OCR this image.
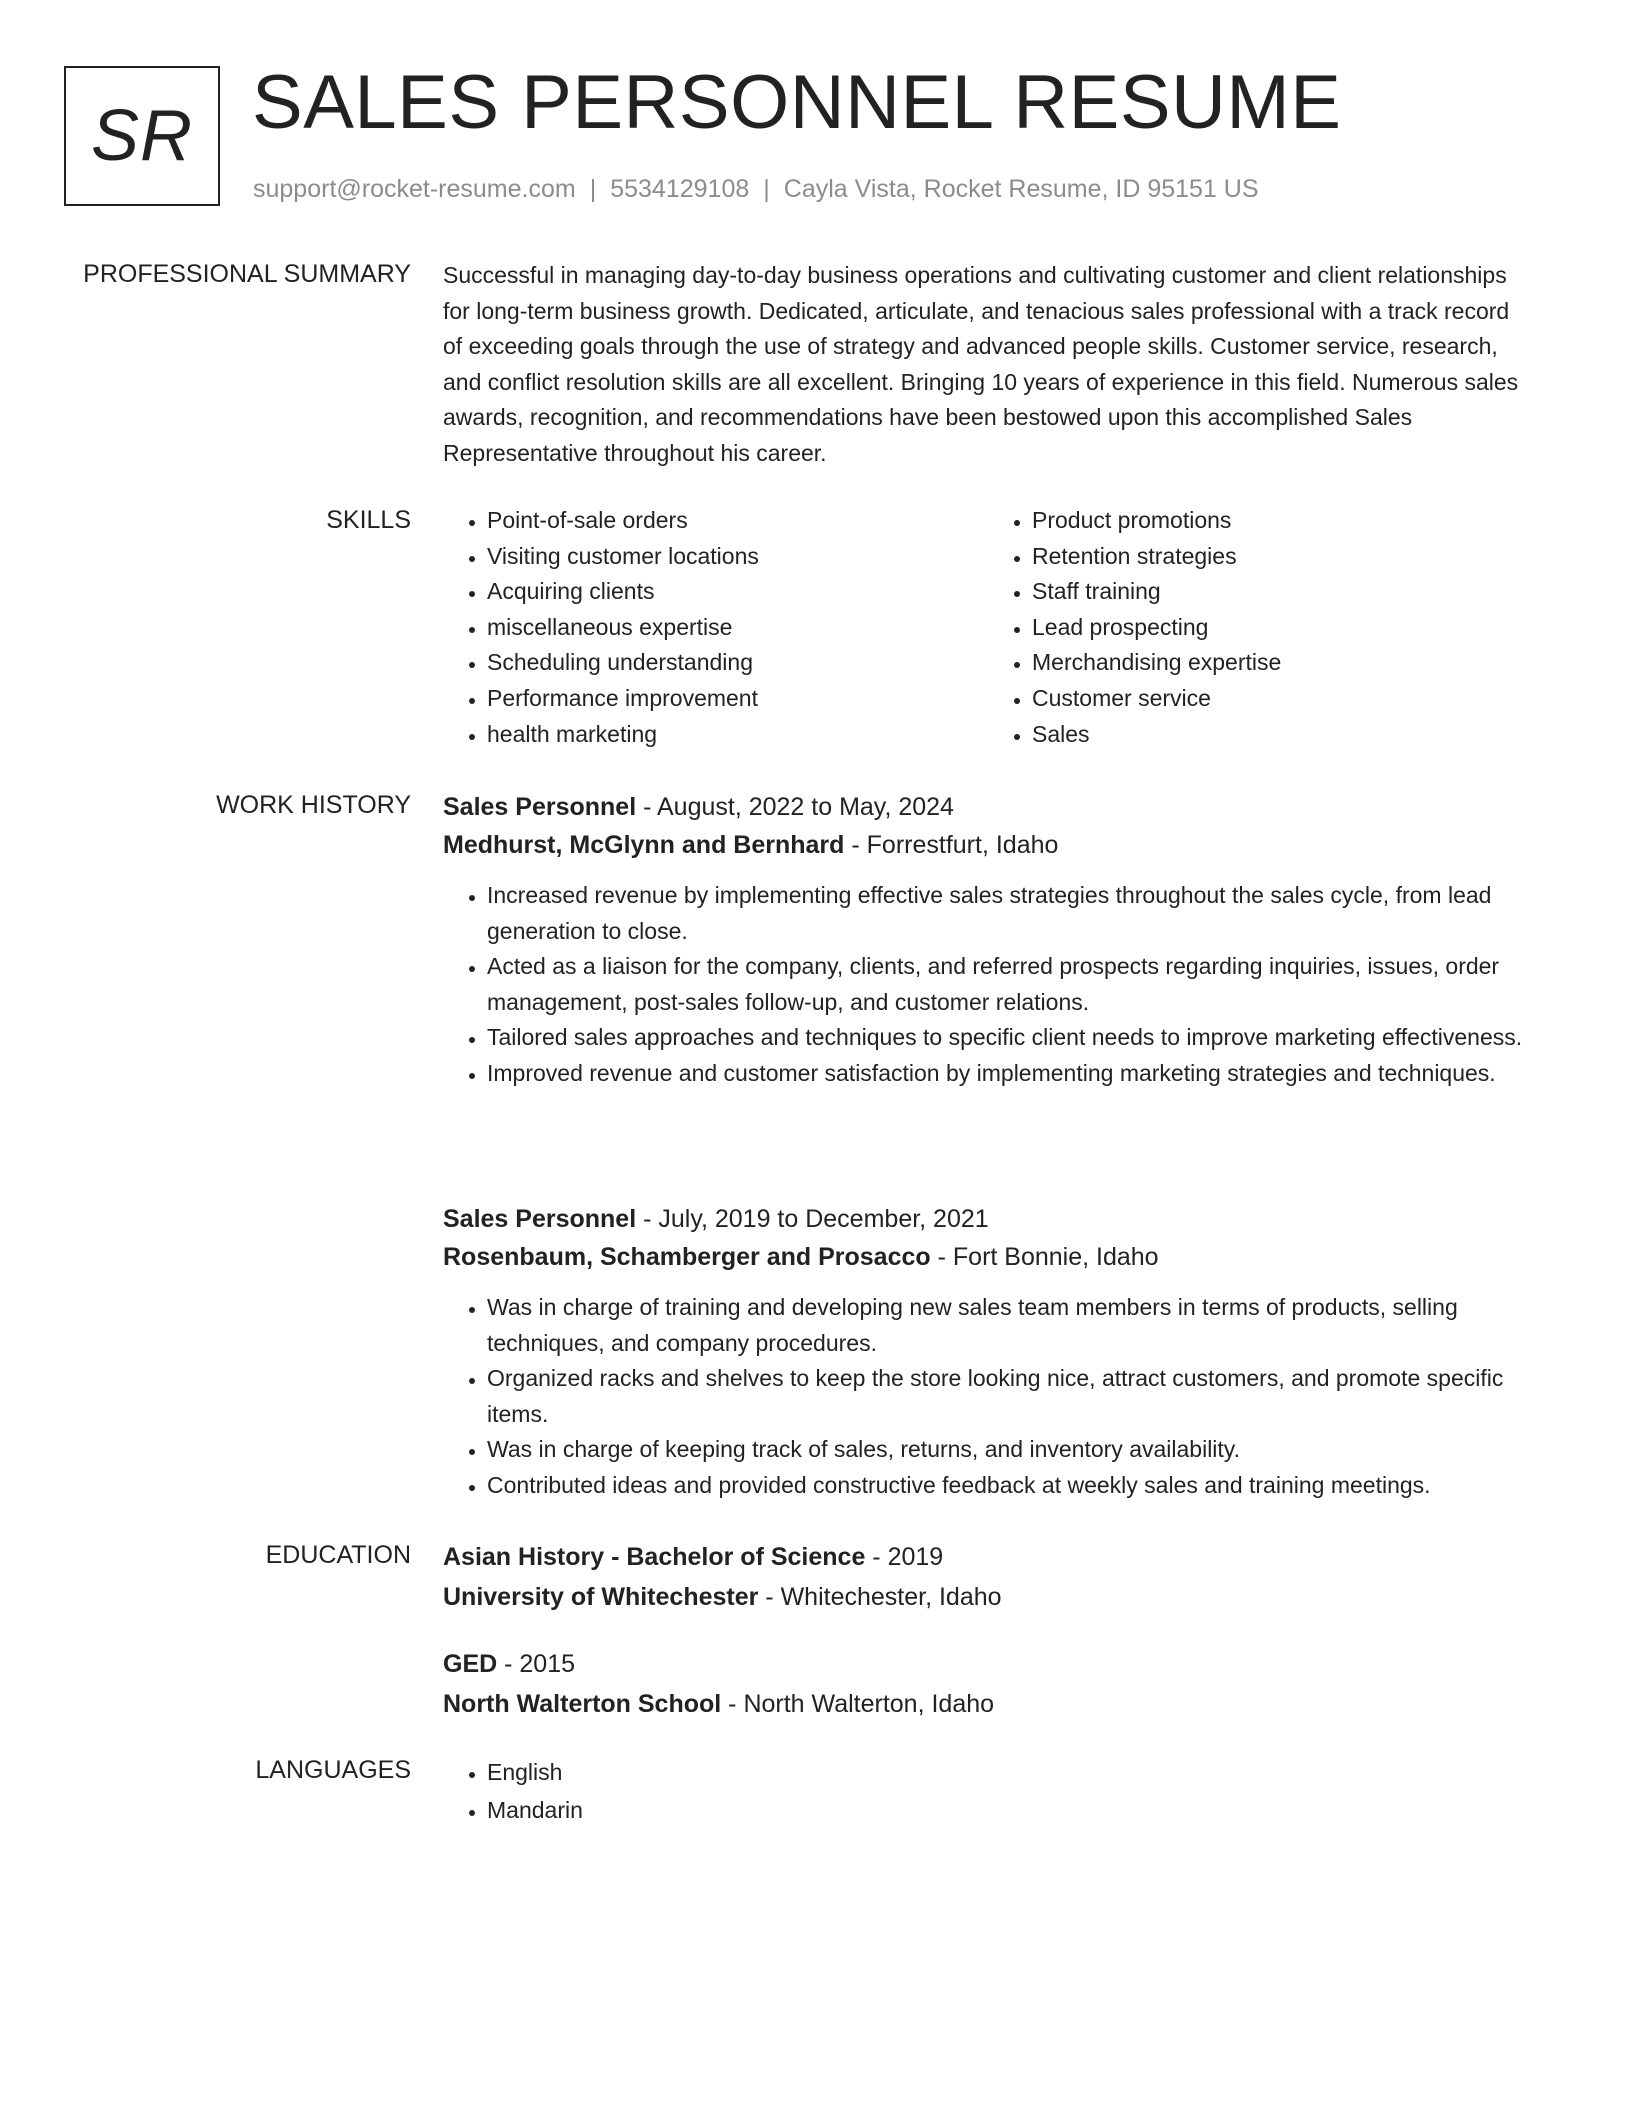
SR SALES PERSONNEL RESUME
support@rocket-resume.com | 5534129108 | Cayla Vista, Rocket Resume, ID 95151 US
PROFESSIONAL SUMMARY Successful in managing day-to-day business operations and cultivating customer and client relationships for long-term business growth. Dedicated, articulate, and tenacious sales professional with a track record of exceeding goals through the use of strategy and advanced people skills. Customer service, research, and conflict resolution skills are all excellent. Bringing 10 years of experience in this field. Numerous sales awards, recognition, and recommendations have been bestowed upon this accomplished Sales Representative throughout his career.

SKILLS	• Point-of-sale orders
• Visiting customer locations
• Acquiring clients
• miscellaneous expertise
• Scheduling understanding
• Performance improvement
• health marketing
• Product promotions
• Retention strategies
• Staff training
• Lead prospecting
• Merchandising expertise
• Customer service
• Sales
WORK HISTORY Sales Personnel - August, 2022 to May, 2024
Medhurst, McGlynn and Bernhard - Forrestfurt, Idaho
• Increased revenue by implementing effective sales strategies throughout the sales cycle, from lead generation to close.
• Acted as a liaison for the company, clients, and referred prospects regarding inquiries, issues, order management, post-sales follow-up, and customer relations.
• Tailored sales approaches and techniques to specific client needs to improve marketing effectiveness.
• Improved revenue and customer satisfaction by implementing marketing strategies and techniques.
Sales Personnel - July, 2019 to December, 2021
Rosenbaum, Schamberger and Prosacco - Fort Bonnie, Idaho
• Was in charge of training and developing new sales team members in terms of products, selling techniques, and company procedures.
• Organized racks and shelves to keep the store looking nice, attract customers, and promote specific items.
• Was in charge of keeping track of sales, returns, and inventory availability.
• Contributed ideas and provided constructive feedback at weekly sales and training meetings.
EDUCATION Asian History - Bachelor of Science - 2019
University of Whitechester - Whitechester, Idaho
GED - 2015
North Walterton School - North Walterton, Idaho
LANGUAGES	• English
• Mandarin
